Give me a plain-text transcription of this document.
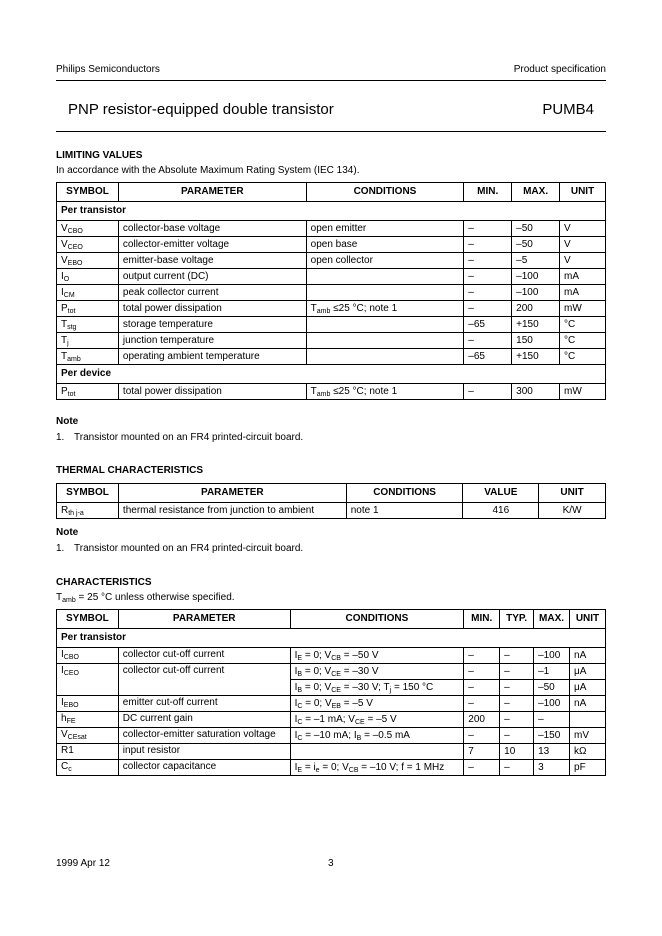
Philips Semiconductors	Product specification
PNP resistor-equipped double transistor	PUMB4
LIMITING VALUES
In accordance with the Absolute Maximum Rating System (IEC 134).
SYMBOL	PARAMETER	CONDITIONS	MIN.	MAX.	UNIT
Per transistor					
$V_{CBO}$	collector-base voltage	open emitter	–	–50	V
$V_{CEO}$	collector-emitter voltage	open base	–	–50	V
$V_{EBO}$	emitter-base voltage	open collector	–	–5	V
$I_O$	output current (DC)		–	–100	mA
$I_{CM}$	peak collector current		–	–100	mA
$P_{tot}$	total power dissipation	$T_{amb} \le 25$ °C; note 1	–	200	mW
$T_{stg}$	storage temperature		–65	+150	°C
$T_j$	junction temperature		–	150	°C
$T_{amb}$	operating ambient temperature		–65	+150	°C
Per device					
$P_{tot}$	total power dissipation	$T_{amb} \le 25$ °C; note 1	–	300	mW
Note
1. Transistor mounted on an FR4 printed-circuit board.
THERMAL CHARACTERISTICS
SYMBOL	PARAMETER	CONDITIONS	VALUE	UNIT
$R_{th j-a}$	thermal resistance from junction to ambient	note 1	416	K/W
Note
1. Transistor mounted on an FR4 printed-circuit board.
CHARACTERISTICS
$T_{amb} = 25$ °C unless otherwise specified.
SYMBOL	PARAMETER	CONDITIONS	MIN.	TYP.	MAX.	UNIT
Per transistor						
$I_{CBO}$	collector cut-off current	$I_E = 0$; $V_{CB} = -50$ V	–	–	–100	nA
$I_{CEO}$	collector cut-off current	$I_B = 0$; $V_{CE} = -30$ V	–	–	–1	μA
		$I_B = 0$; $V_{CE} = -30$ V; $T_j = 150$ °C	–	–	–50	μA
$I_{EBO}$	emitter cut-off current	$I_C = 0$; $V_{EB} = -5$ V	–	–	–100	nA
$h_{FE}$	DC current gain	$I_C = -1$ mA; $V_{CE} = -5$ V	200	–	–	
$V_{CEsat}$	collector-emitter saturation voltage	$I_C = -10$ mA; $I_B = -0.5$ mA	–	–	–150	mV
R1	input resistor		7	10	13	kΩ
$C_c$	collector capacitance	$I_E = i_e = 0$; $V_{CB} = -10$ V; f = 1 MHz	–	–	3	pF
1999 Apr 12	3
